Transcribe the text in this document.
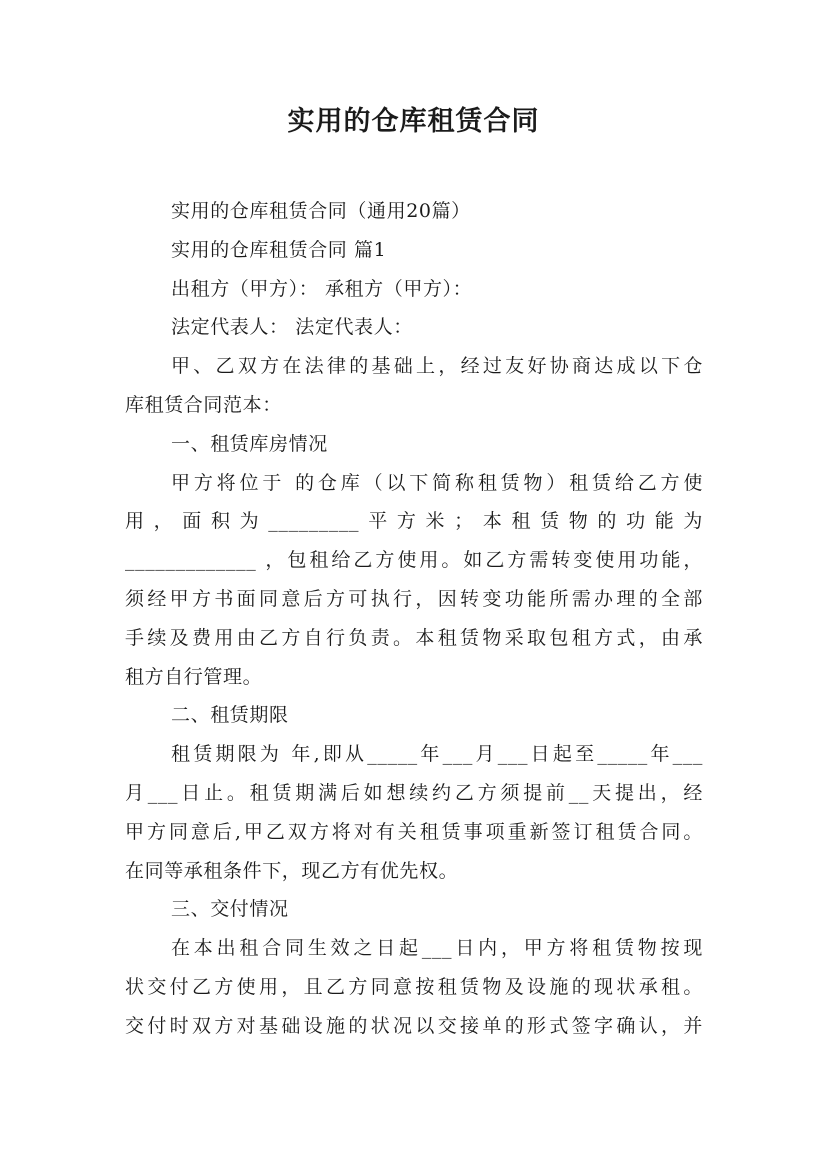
实用的仓库租赁合同
实用的仓库租赁合同（通用20篇）
实用的仓库租赁合同 篇1
出租方（甲方）： 承租方（甲方）：
法定代表人： 法定代表人：
甲、乙双方在法律的基础上，经过友好协商达成以下仓
库租赁合同范本：
一、租赁库房情况
甲方将位于 的仓库（以下简称租赁物）租赁给乙方使
用，面积为_________平方米；本租赁物的功能为
_____________ ，包租给乙方使用。如乙方需转变使用功能，
须经甲方书面同意后方可执行，因转变功能所需办理的全部
手续及费用由乙方自行负责。本租赁物采取包租方式，由承
租方自行管理。
二、租赁期限
租赁期限为 年,即从_____年___月___日起至_____年___
月___日止。租赁期满后如想续约乙方须提前__天提出，经
甲方同意后,甲乙双方将对有关租赁事项重新签订租赁合同。
在同等承租条件下，现乙方有优先权。
三、交付情况
在本出租合同生效之日起___日内，甲方将租赁物按现
状交付乙方使用，且乙方同意按租赁物及设施的现状承租。
交付时双方对基础设施的状况以交接单的形式签字确认，并
